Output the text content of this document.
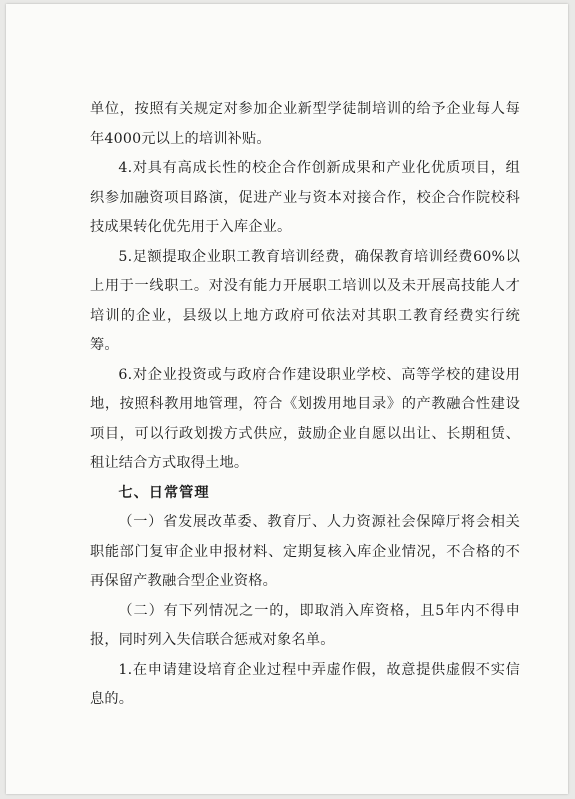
单位，按照有关规定对参加企业新型学徒制培训的给予企业每人每年4000元以上的培训补贴。

4.对具有高成长性的校企合作创新成果和产业化优质项目，组织参加融资项目路演，促进产业与资本对接合作，校企合作院校科技成果转化优先用于入库企业。

5.足额提取企业职工教育培训经费，确保教育培训经费60%以上用于一线职工。对没有能力开展职工培训以及未开展高技能人才培训的企业，县级以上地方政府可依法对其职工教育经费实行统筹。

6.对企业投资或与政府合作建设职业学校、高等学校的建设用地，按照科教用地管理，符合《划拨用地目录》的产教融合性建设项目，可以行政划拨方式供应，鼓励企业自愿以出让、长期租赁、租让结合方式取得土地。

七、日常管理

（一）省发展改革委、教育厅、人力资源社会保障厅将会相关职能部门复审企业申报材料、定期复核入库企业情况，不合格的不再保留产教融合型企业资格。

（二）有下列情况之一的，即取消入库资格，且5年内不得申报，同时列入失信联合惩戒对象名单。

1.在申请建设培育企业过程中弄虚作假，故意提供虚假不实信息的。
